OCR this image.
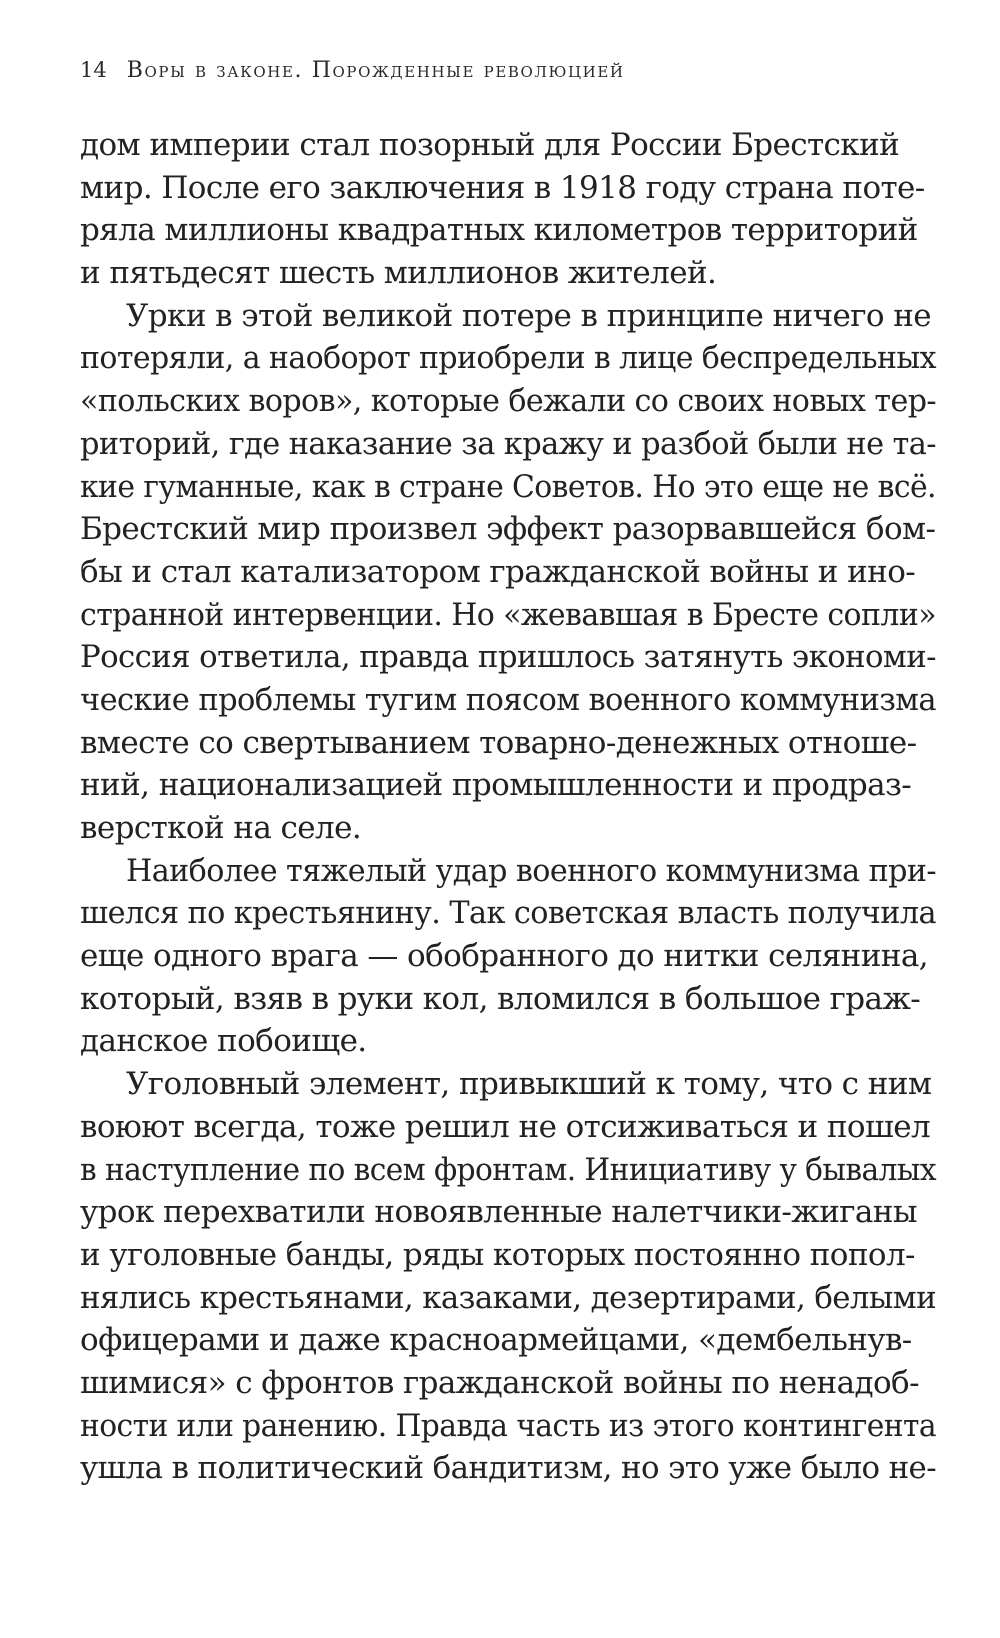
14 Воры в законе. Порожденные революцией
дом империи стал позорный для России Брестский
мир. После его заключения в 1918 году страна поте-
ряла миллионы квадратных километров территорий
и пятьдесят шесть миллионов жителей.
Урки в этой великой потере в принципе ничего не
потеряли, а наоборот приобрели в лице беспредельных
«польских воров», которые бежали со своих новых тер-
риторий, где наказание за кражу и разбой были не та-
кие гуманные, как в стране Советов. Но это еще не всё.
Брестский мир произвел эффект разорвавшейся бом-
бы и стал катализатором гражданской войны и ино-
странной интервенции. Но «жевавшая в Бресте сопли»
Россия ответила, правда пришлось затянуть экономи-
ческие проблемы тугим поясом военного коммунизма
вместе со свертыванием товарно-денежных отноше-
ний, национализацией промышленности и продраз-
версткой на селе.
Наиболее тяжелый удар военного коммунизма при-
шелся по крестьянину. Так советская власть получила
еще одного врага — обобранного до нитки селянина,
который, взяв в руки кол, вломился в большое граж-
данское побоище.
Уголовный элемент, привыкший к тому, что с ним
воюют всегда, тоже решил не отсиживаться и пошел
в наступление по всем фронтам. Инициативу у бывалых
урок перехватили новоявленные налетчики-жиганы
и уголовные банды, ряды которых постоянно попол-
нялись крестьянами, казаками, дезертирами, белыми
офицерами и даже красноармейцами, «дембельнув-
шимися» с фронтов гражданской войны по ненадоб-
ности или ранению. Правда часть из этого контингента
ушла в политический бандитизм, но это уже было не-
